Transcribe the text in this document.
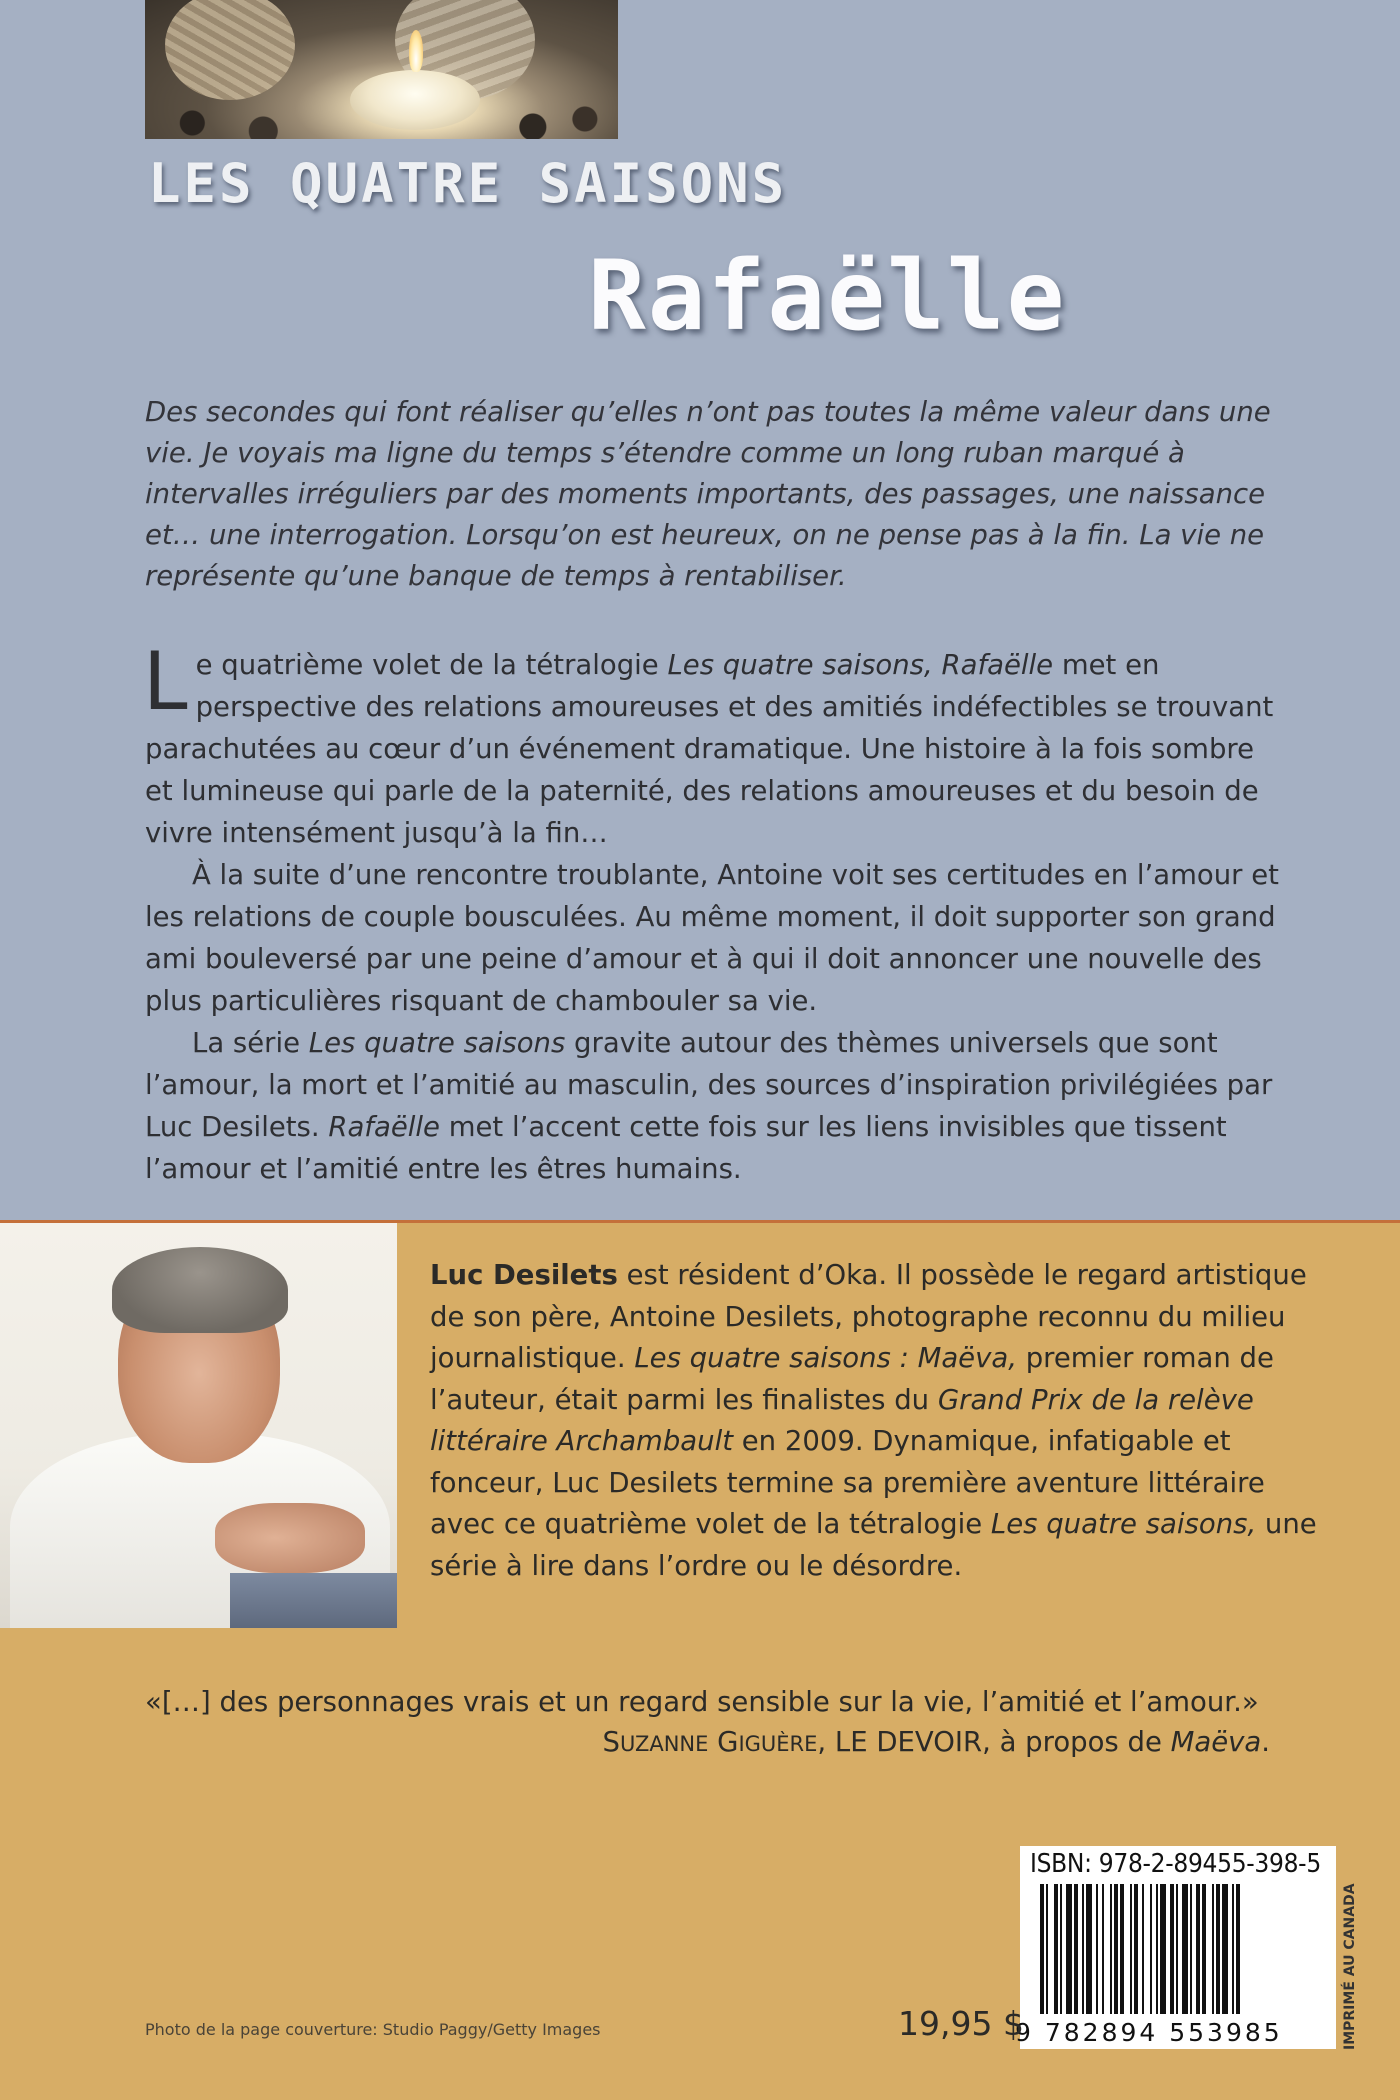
LES QUATRE SAISONS
Rafaëlle
Des secondes qui font réaliser qu’elles n’ont pas toutes la même valeur dans une vie. Je voyais ma ligne du temps s’étendre comme un long ruban marqué à intervalles irréguliers par des moments importants, des passages, une naissance et… une interrogation. Lorsqu’on est heureux, on ne pense pas à la fin. La vie ne représente qu’une banque de temps à rentabiliser.

Le quatrième volet de la tétralogie Les quatre saisons, Rafaëlle met en perspective des relations amoureuses et des amitiés indéfectibles se trouvant parachutées au cœur d’un événement dramatique. Une histoire à la fois sombre et lumineuse qui parle de la paternité, des relations amoureuses et du besoin de vivre intensément jusqu’à la fin…

À la suite d’une rencontre troublante, Antoine voit ses certitudes en l’amour et les relations de couple bousculées. Au même moment, il doit supporter son grand ami bouleversé par une peine d’amour et à qui il doit annoncer une nouvelle des plus particulières risquant de chambouler sa vie.

La série Les quatre saisons gravite autour des thèmes universels que sont l’amour, la mort et l’amitié au masculin, des sources d’inspiration privilégiées par Luc Desilets. Rafaëlle met l’accent cette fois sur les liens invisibles que tissent l’amour et l’amitié entre les êtres humains.

Luc Desilets est résident d’Oka. Il possède le regard artistique de son père, Antoine Desilets, photographe reconnu du milieu journalistique. Les quatre saisons : Maëva, premier roman de l’auteur, était parmi les finalistes du Grand Prix de la relève littéraire Archambault en 2009. Dynamique, infatigable et fonceur, Luc Desilets termine sa première aventure littéraire avec ce quatrième volet de la tétralogie Les quatre saisons, une série à lire dans l’ordre ou le désordre.
«[…] des personnages vrais et un regard sensible sur la vie, l’amitié et l’amour.»
SUZANNE GIGUÈRE, LE DEVOIR, à propos de Maëva.
ISBN: 978-2-89455-398-5
9 782894 553985	IMPRIMÉ AU CANADA
19,95 $
Photo de la page couverture: Studio Paggy/Getty Images
